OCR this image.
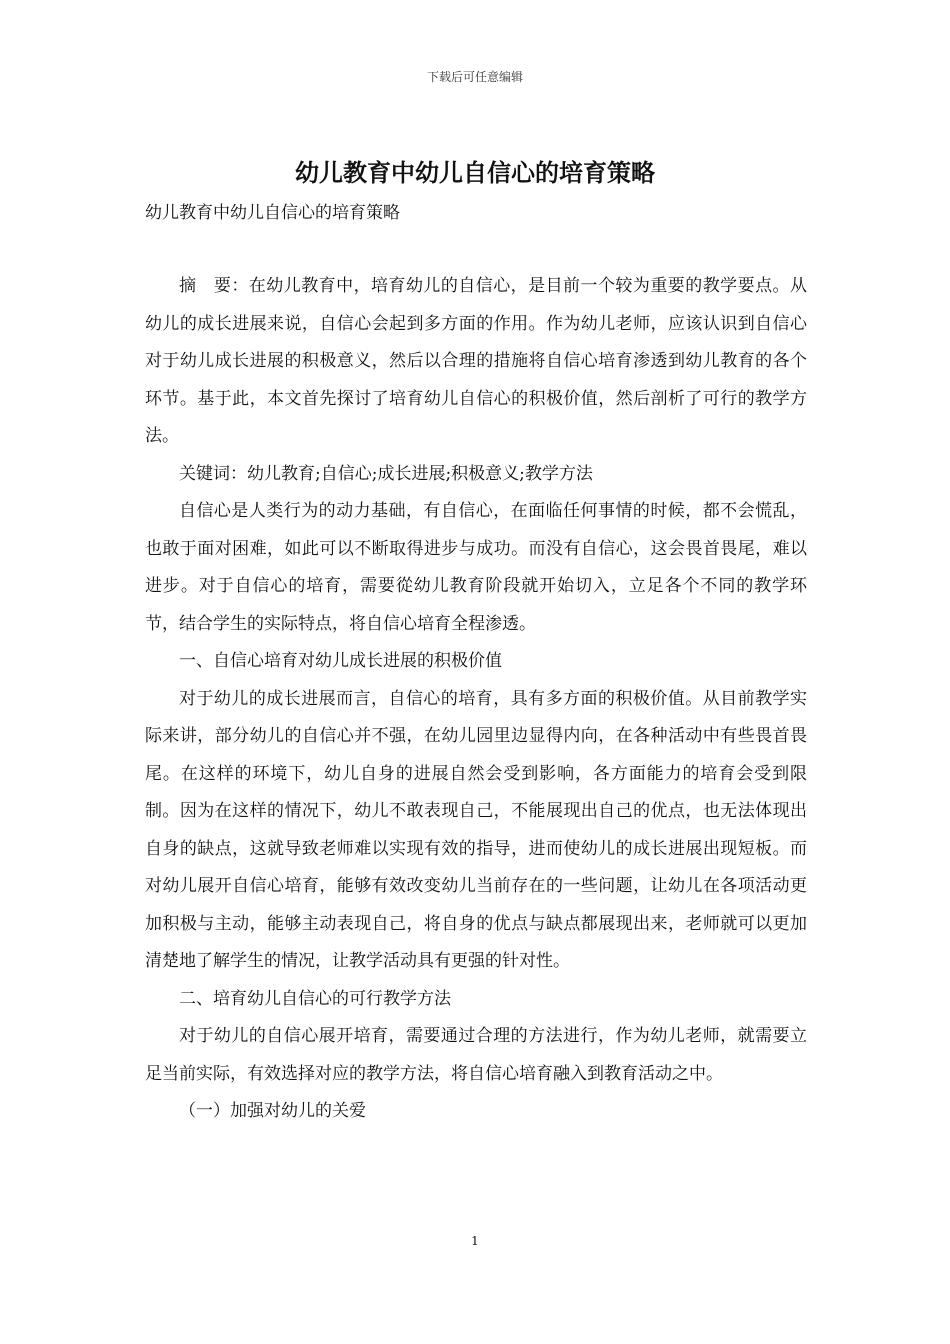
下载后可任意编辑
幼儿教育中幼儿自信心的培育策略
幼儿教育中幼儿自信心的培育策略

摘　要：在幼儿教育中，培育幼儿的自信心，是目前一个较为重要的教学要点。从幼儿的成长进展来说，自信心会起到多方面的作用。作为幼儿老师，应该认识到自信心对于幼儿成长进展的积极意义，然后以合理的措施将自信心培育渗透到幼儿教育的各个环节。基于此，本文首先探讨了培育幼儿自信心的积极价值，然后剖析了可行的教学方法。

关键词：幼儿教育;自信心;成长进展;积极意义;教学方法

自信心是人类行为的动力基础，有自信心，在面临任何事情的时候，都不会慌乱，也敢于面对困难，如此可以不断取得进步与成功。而没有自信心，这会畏首畏尾，难以进步。对于自信心的培育，需要從幼儿教育阶段就开始切入，立足各个不同的教学环节，结合学生的实际特点，将自信心培育全程渗透。

一、自信心培育对幼儿成长进展的积极价值

对于幼儿的成长进展而言，自信心的培育，具有多方面的积极价值。从目前教学实际来讲，部分幼儿的自信心并不强，在幼儿园里边显得内向，在各种活动中有些畏首畏尾。在这样的环境下，幼儿自身的进展自然会受到影响，各方面能力的培育会受到限制。因为在这样的情况下，幼儿不敢表现自己，不能展现出自己的优点，也无法体现出自身的缺点，这就导致老师难以实现有效的指导，进而使幼儿的成长进展出现短板。而对幼儿展开自信心培育，能够有效改变幼儿当前存在的一些问题，让幼儿在各项活动更加积极与主动，能够主动表现自己，将自身的优点与缺点都展现出来，老师就可以更加清楚地了解学生的情况，让教学活动具有更强的针对性。

二、培育幼儿自信心的可行教学方法

对于幼儿的自信心展开培育，需要通过合理的方法进行，作为幼儿老师，就需要立足当前实际，有效选择对应的教学方法，将自信心培育融入到教育活动之中。

（一）加强对幼儿的关爱

1
